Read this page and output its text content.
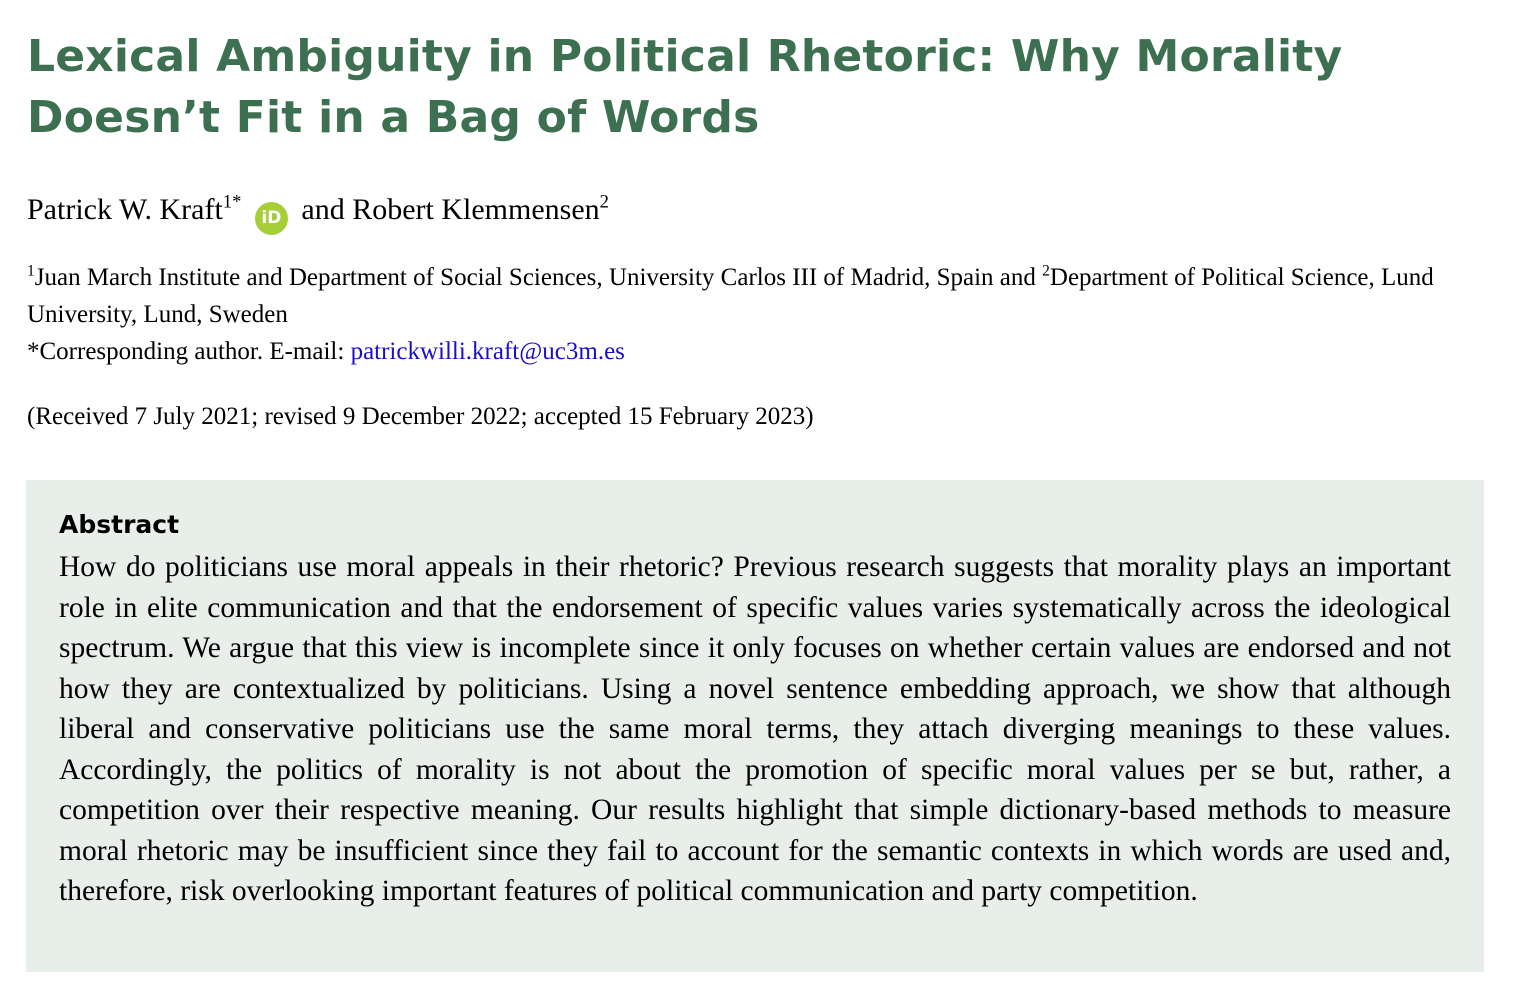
Lexical Ambiguity in Political Rhetoric: Why Morality Doesn’t Fit in a Bag of Words
Patrick W. Kraft$^{1*}$ iD and Robert Klemmensen$^2$
$^1$Juan March Institute and Department of Social Sciences, University Carlos III of Madrid, Spain and $^2$Department of Political Science, Lund University, Lund, Sweden
*Corresponding author. E-mail: patrickwilli.kraft@uc3m.es
(Received 7 July 2021; revised 9 December 2022; accepted 15 February 2023)
Abstract

How do politicians use moral appeals in their rhetoric? Previous research suggests that morality plays an important role in elite communication and that the endorsement of specific values varies systematically across the ideological spectrum. We argue that this view is incomplete since it only focuses on whether certain values are endorsed and not how they are contextualized by politicians. Using a novel sentence embedding approach, we show that although liberal and conservative politicians use the same moral terms, they attach diverging meanings to these values. Accordingly, the politics of morality is not about the promotion of specific moral values per se but, rather, a competition over their respective meaning. Our results highlight that simple dictionary-based methods to measure moral rhetoric may be insufficient since they fail to account for the semantic contexts in which words are used and, therefore, risk overlooking important features of political communication and party competition.
